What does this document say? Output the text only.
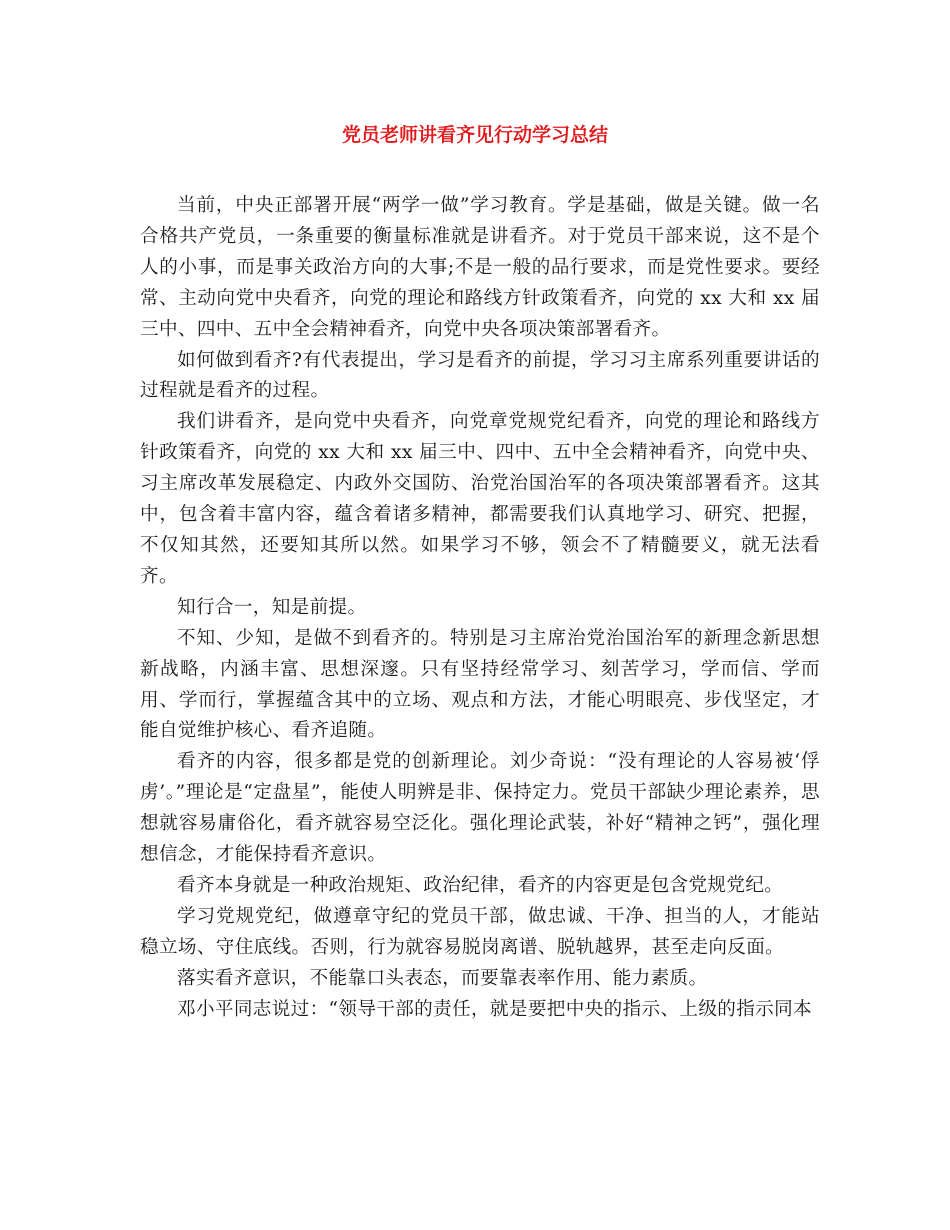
党员老师讲看齐见行动学习总结

当前，中央正部署开展“两学一做”学习教育。学是基础，做是关键。做一名合格共产党员，一条重要的衡量标准就是讲看齐。对于党员干部来说，这不是个人的小事，而是事关政治方向的大事;不是一般的品行要求，而是党性要求。要经常、主动向党中央看齐，向党的理论和路线方针政策看齐，向党的 xx 大和 xx 届三中、四中、五中全会精神看齐，向党中央各项决策部署看齐。

如何做到看齐?有代表提出，学习是看齐的前提，学习习主席系列重要讲话的过程就是看齐的过程。

我们讲看齐，是向党中央看齐，向党章党规党纪看齐，向党的理论和路线方针政策看齐，向党的 xx 大和 xx 届三中、四中、五中全会精神看齐，向党中央、习主席改革发展稳定、内政外交国防、治党治国治军的各项决策部署看齐。这其中，包含着丰富内容，蕴含着诸多精神，都需要我们认真地学习、研究、把握，不仅知其然，还要知其所以然。如果学习不够，领会不了精髓要义，就无法看齐。

知行合一，知是前提。

不知、少知，是做不到看齐的。特别是习主席治党治国治军的新理念新思想新战略，内涵丰富、思想深邃。只有坚持经常学习、刻苦学习，学而信、学而用、学而行，掌握蕴含其中的立场、观点和方法，才能心明眼亮、步伐坚定，才能自觉维护核心、看齐追随。

看齐的内容，很多都是党的创新理论。刘少奇说：“没有理论的人容易被‘俘虏’。”理论是“定盘星”，能使人明辨是非、保持定力。党员干部缺少理论素养，思想就容易庸俗化，看齐就容易空泛化。强化理论武装，补好“精神之钙”，强化理想信念，才能保持看齐意识。

看齐本身就是一种政治规矩、政治纪律，看齐的内容更是包含党规党纪。

学习党规党纪，做遵章守纪的党员干部，做忠诚、干净、担当的人，才能站稳立场、守住底线。否则，行为就容易脱岗离谱、脱轨越界，甚至走向反面。

落实看齐意识，不能靠口头表态，而要靠表率作用、能力素质。

邓小平同志说过：“领导干部的责任，就是要把中央的指示、上级的指示同本
